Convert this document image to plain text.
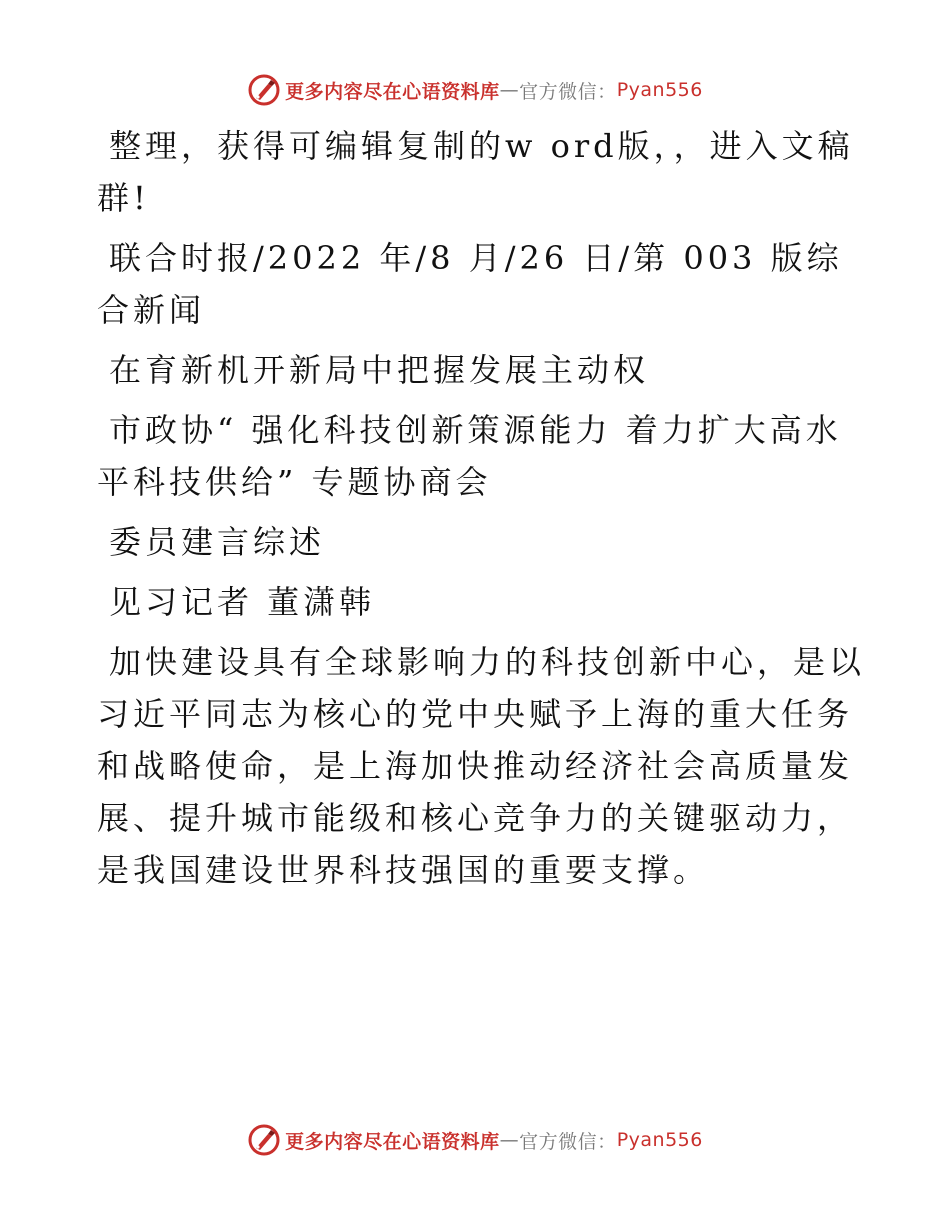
更多内容尽在心语资料库 — 官方微信： Pyan556

整理，获得可编辑复制的w ord版，，进入文稿群!

联合时报/2022 年/8 月/26 日/第 003 版综合新闻

在育新机开新局中把握发展主动权

市政协“ 强化科技创新策源能力 着力扩大高水平科技供给” 专题协商会

委员建言综述

见习记者 董潇韩

加快建设具有全球影响力的科技创新中心，是以习近平同志为核心的党中央赋予上海的重大任务和战略使命，是上海加快推动经济社会高质量发展、提升城市能级和核心竞争力的关键驱动力，是我国建设世界科技强国的重要支撑。

更多内容尽在心语资料库 — 官方微信： Pyan556
